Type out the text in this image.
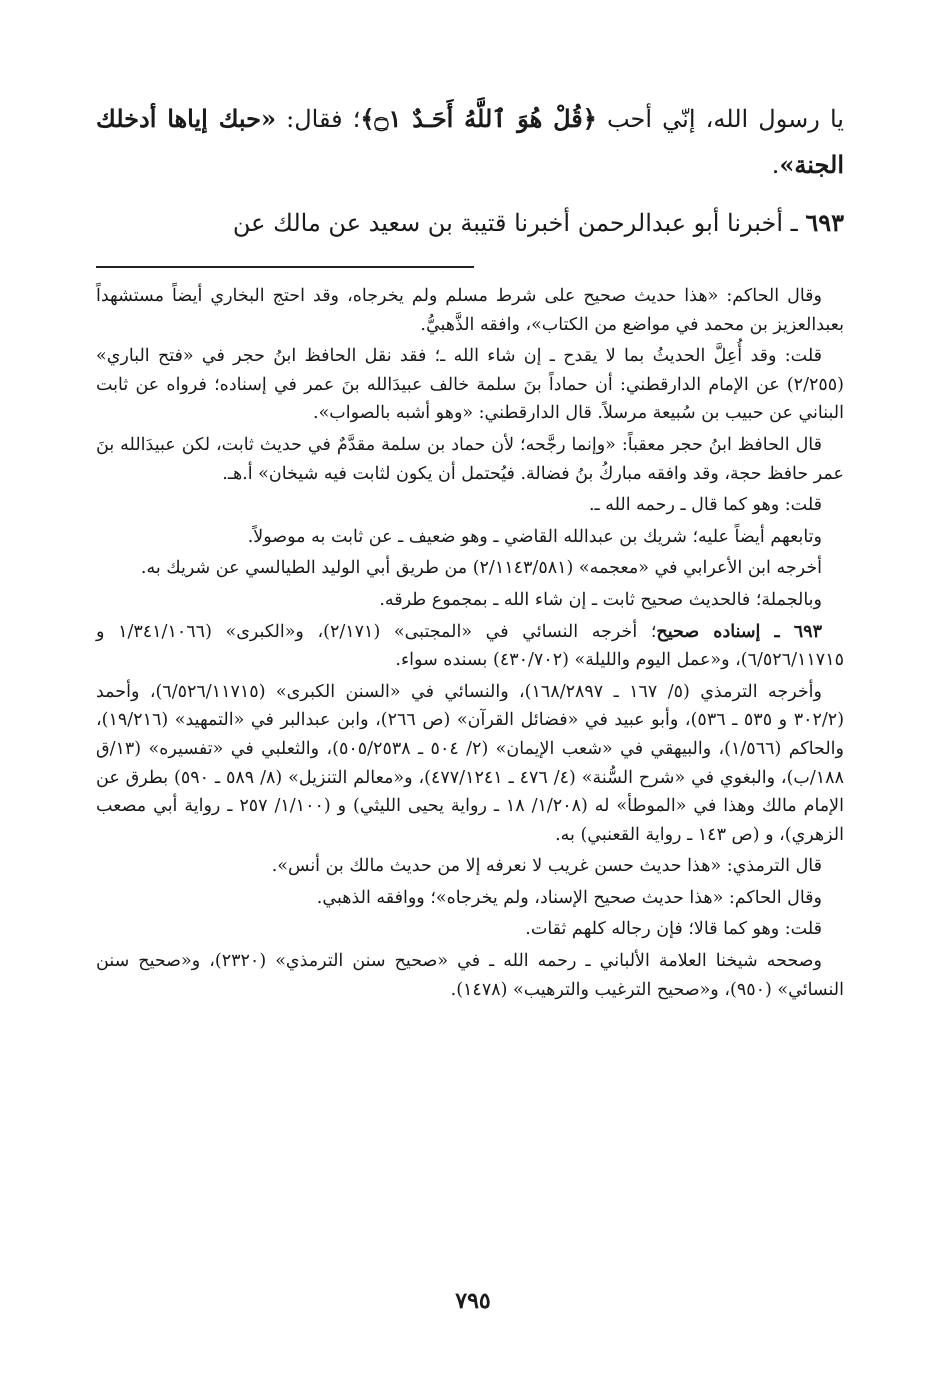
يا رسول الله، إنّي أحب ﴿قُلْ هُوَ ٱللَّهُ أَحَـدٌ ۝١﴾؛ فقال: «حبك إياها أدخلك الجنة».

٦٩٣ ـ أخبرنا أبو عبدالرحمن أخبرنا قتيبة بن سعيد عن مالك عن

وقال الحاكم: «هذا حديث صحيح على شرط مسلم ولم يخرجاه، وقد احتج البخاري أيضاً مستشهداً بعبدالعزيز بن محمد في مواضع من الكتاب»، وافقه الذَّهبيُّ.

قلت: وقد أُعِلَّ الحديثُ بما لا يقدح ـ إن شاء الله ـ؛ فقد نقل الحافظ ابنُ حجر في «فتح الباري» (٢/٢٥٥) عن الإمام الدارقطني: أن حماداً بنَ سلمة خالف عبيدَالله بنَ عمر في إسناده؛ فرواه عن ثابت البناني عن حبيب بن سُبيعة مرسلاً. قال الدارقطني: «وهو أشبه بالصواب».

قال الحافظ ابنُ حجر معقباً: «وإنما رجَّحه؛ لأن حماد بن سلمة مقدَّمٌ في حديث ثابت، لكن عبيدَالله بنَ عمر حافظ حجة، وقد وافقه مباركُ بنُ فضالة. فيُحتمل أن يكون لثابت فيه شيخان» أ.هـ.

قلت: وهو كما قال ـ رحمه الله ـ.

وتابعهم أيضاً عليه؛ شريك بن عبدالله القاضي ـ وهو ضعيف ـ عن ثابت به موصولاً.

أخرجه ابن الأعرابي في «معجمه» (٢/١١٤٣/٥٨١) من طريق أبي الوليد الطيالسي عن شريك به.

وبالجملة؛ فالحديث صحيح ثابت ـ إن شاء الله ـ بمجموع طرقه.

٦٩٣ ـ إسناده صحيح؛ أخرجه النسائي في «المجتبى» (٢/١٧١)، و«الكبرى» (١/٣٤١/١٠٦٦ و ٦/٥٢٦/١١٧١٥)، و«عمل اليوم والليلة» (٤٣٠/٧٠٢) بسنده سواء.

وأخرجه الترمذي (٥/ ١٦٧ ـ ١٦٨/٢٨٩٧)، والنسائي في «السنن الكبرى» (٦/٥٢٦/١١٧١٥)، وأحمد (٣٠٢/٢ و ٥٣٥ ـ ٥٣٦)، وأبو عبيد في «فضائل القرآن» (ص ٢٦٦)، وابن عبدالبر في «التمهيد» (١٩/٢١٦)، والحاكم (١/٥٦٦)، والبيهقي في «شعب الإيمان» (٢/ ٥٠٤ ـ ٥٠٥/٢٥٣٨)، والثعلبي في «تفسيره» (١٣/ق ١٨٨/ب)، والبغوي في «شرح السُّنة» (٤/ ٤٧٦ ـ ٤٧٧/١٢٤١)، و«معالم التنزيل» (٨/ ٥٨٩ ـ ٥٩٠) بطرق عن الإمام مالك وهذا في «الموطأ» له (١/٢٠٨/ ١٨ ـ رواية يحيى الليثي) و (١/١٠٠/ ٢٥٧ ـ رواية أبي مصعب الزهري)، و (ص ١٤٣ ـ رواية القعنبي) به.

قال الترمذي: «هذا حديث حسن غريب لا نعرفه إلا من حديث مالك بن أنس».

وقال الحاكم: «هذا حديث صحيح الإسناد، ولم يخرجاه»؛ ووافقه الذهبي.

قلت: وهو كما قالا؛ فإن رجاله كلهم ثقات.

وصححه شيخنا العلامة الألباني ـ رحمه الله ـ في «صحيح سنن الترمذي» (٢٣٢٠)، و«صحيح سنن النسائي» (٩٥٠)، و«صحيح الترغيب والترهيب» (١٤٧٨).

٧٩٥
